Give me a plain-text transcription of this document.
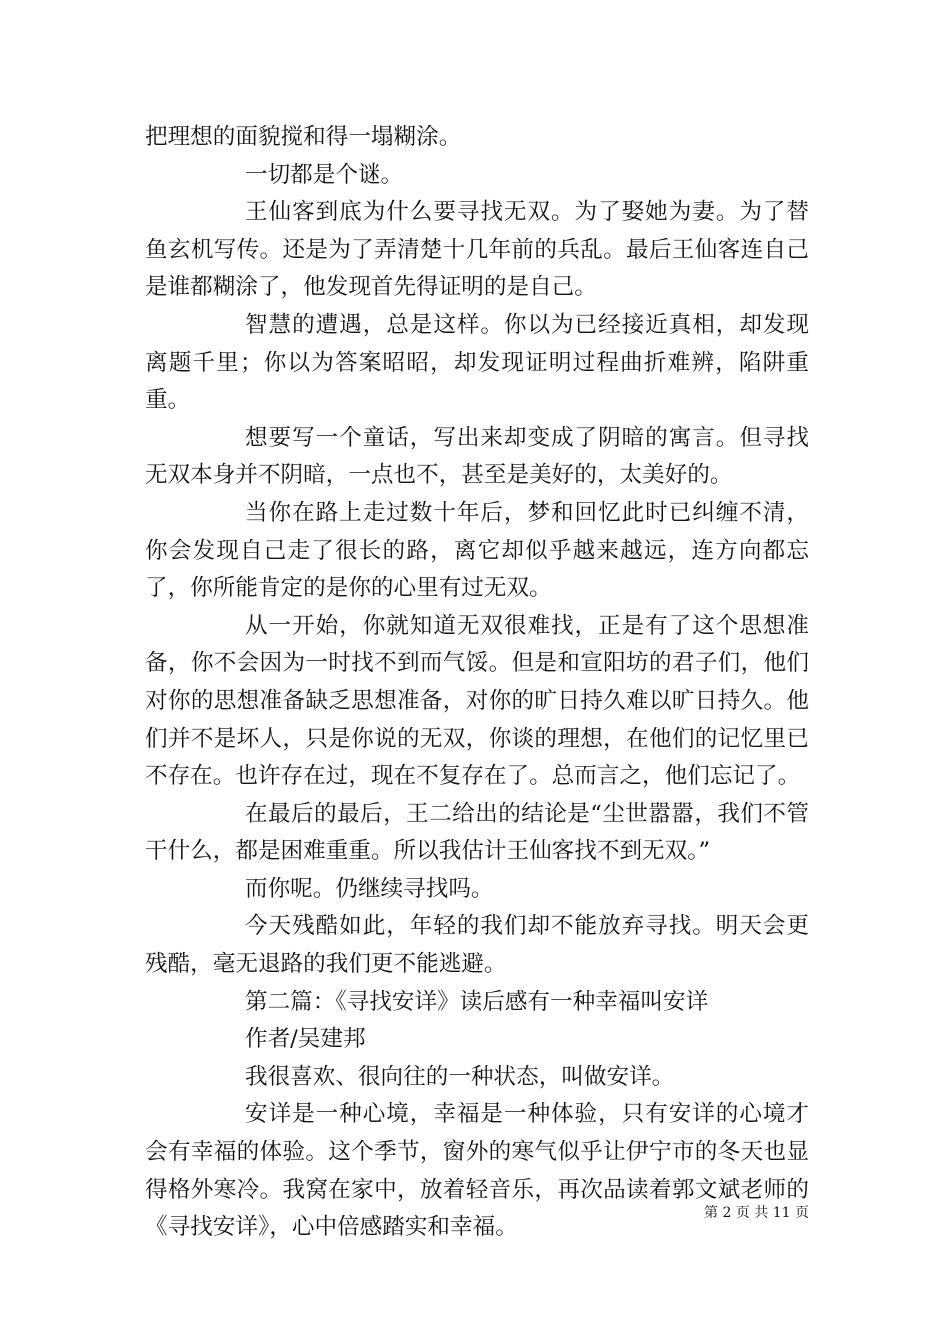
把理想的面貌搅和得一塌糊涂。

一切都是个谜。

王仙客到底为什么要寻找无双。为了娶她为妻。为了替鱼玄机写传。还是为了弄清楚十几年前的兵乱。最后王仙客连自己是谁都糊涂了，他发现首先得证明的是自己。

智慧的遭遇，总是这样。你以为已经接近真相，却发现离题千里；你以为答案昭昭，却发现证明过程曲折难辨，陷阱重重。

想要写一个童话，写出来却变成了阴暗的寓言。但寻找无双本身并不阴暗，一点也不，甚至是美好的，太美好的。

当你在路上走过数十年后，梦和回忆此时已纠缠不清，你会发现自己走了很长的路，离它却似乎越来越远，连方向都忘了，你所能肯定的是你的心里有过无双。

从一开始，你就知道无双很难找，正是有了这个思想准备，你不会因为一时找不到而气馁。但是和宣阳坊的君子们，他们对你的思想准备缺乏思想准备，对你的旷日持久难以旷日持久。他们并不是坏人，只是你说的无双，你谈的理想，在他们的记忆里已不存在。也许存在过，现在不复存在了。总而言之，他们忘记了。

在最后的最后，王二给出的结论是“尘世嚣嚣，我们不管干什么，都是困难重重。所以我估计王仙客找不到无双。”

而你呢。仍继续寻找吗。

今天残酷如此，年轻的我们却不能放弃寻找。明天会更残酷，毫无退路的我们更不能逃避。

第二篇：《寻找安详》读后感有一种幸福叫安详

作者/吴建邦

我很喜欢、很向往的一种状态，叫做安详。

安详是一种心境，幸福是一种体验，只有安详的心境才会有幸福的体验。这个季节，窗外的寒气似乎让伊宁市的冬天也显得格外寒冷。我窝在家中，放着轻音乐，再次品读着郭文斌老师的《寻找安详》，心中倍感踏实和幸福。

第 2 页 共 11 页
